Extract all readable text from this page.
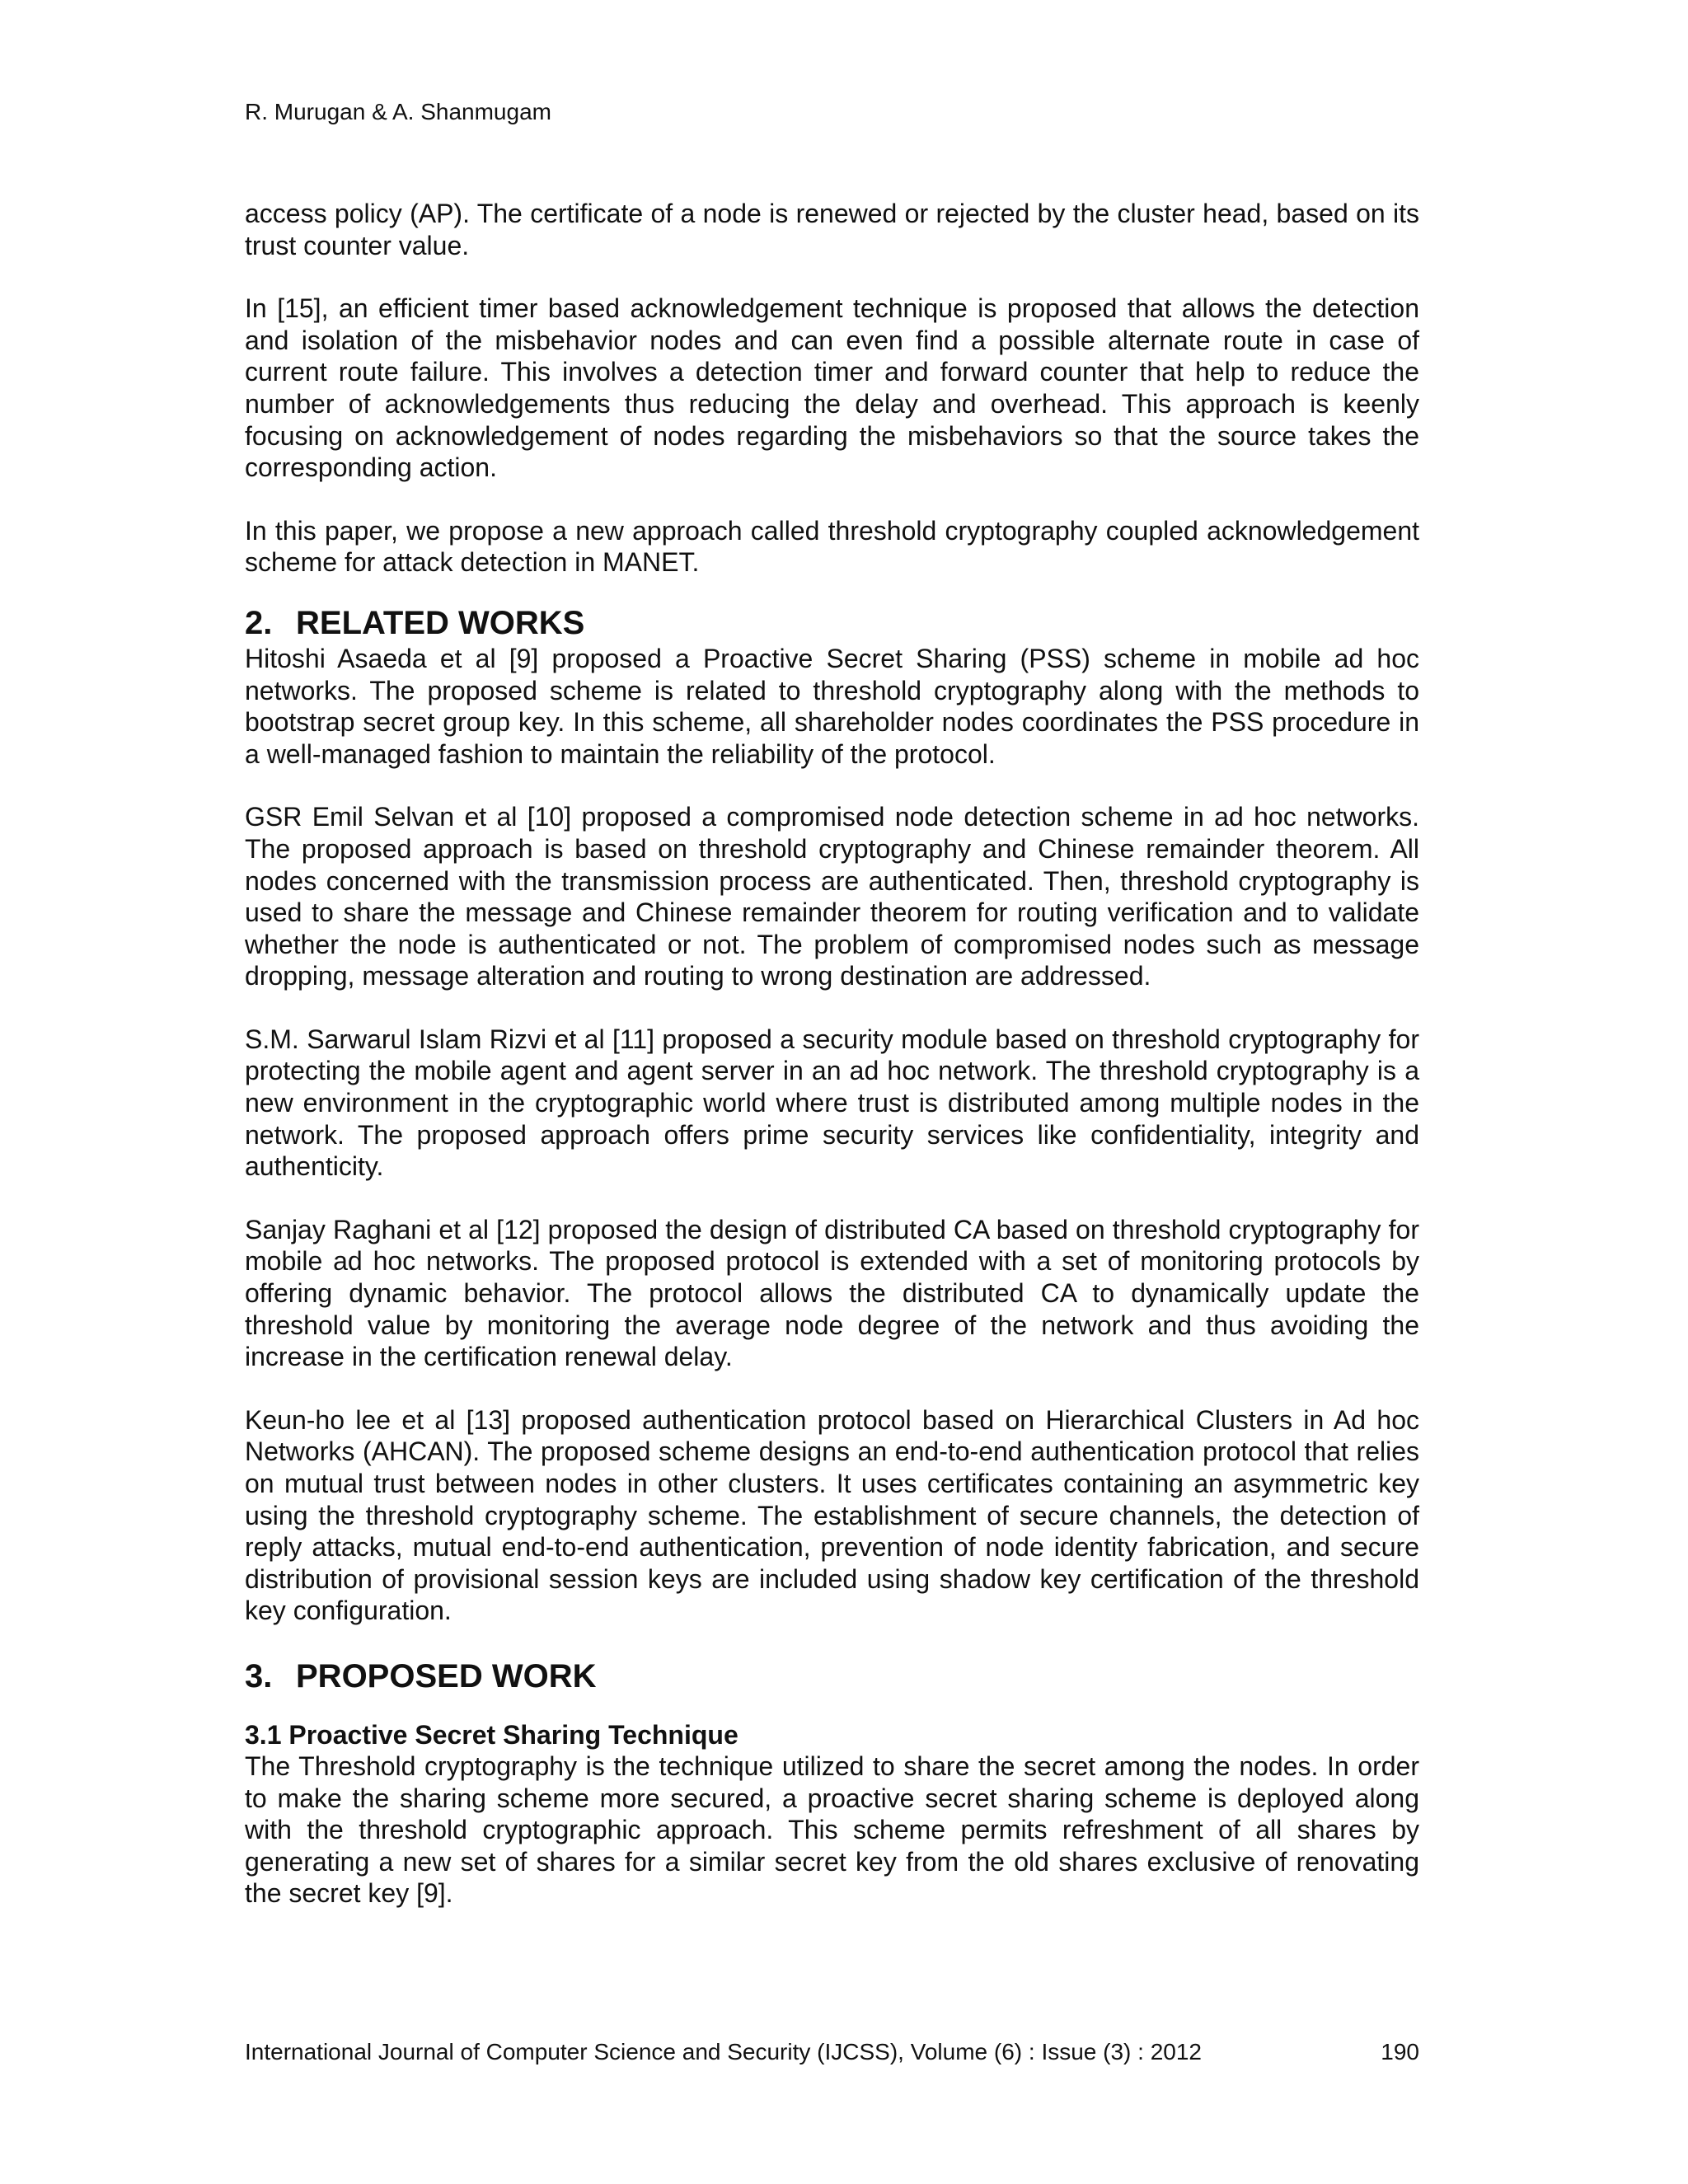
R. Murugan & A. Shanmugam

access policy (AP). The certificate of a node is renewed or rejected by the cluster head, based on its trust counter value.

In [15], an efficient timer based acknowledgement technique is proposed that allows the detection and isolation of the misbehavior nodes and can even find a possible alternate route in case of current route failure. This involves a detection timer and forward counter that help to reduce the number of acknowledgements thus reducing the delay and overhead. This approach is keenly focusing on acknowledgement of nodes regarding the misbehaviors so that the source takes the corresponding action.

In this paper, we propose a new approach called threshold cryptography coupled acknowledgement scheme for attack detection in MANET.

2. RELATED WORKS

Hitoshi Asaeda et al [9] proposed a Proactive Secret Sharing (PSS) scheme in mobile ad hoc networks. The proposed scheme is related to threshold cryptography along with the methods to bootstrap secret group key. In this scheme, all shareholder nodes coordinates the PSS procedure in a well-managed fashion to maintain the reliability of the protocol.

GSR Emil Selvan et al [10] proposed a compromised node detection scheme in ad hoc networks. The proposed approach is based on threshold cryptography and Chinese remainder theorem. All nodes concerned with the transmission process are authenticated. Then, threshold cryptography is used to share the message and Chinese remainder theorem for routing verification and to validate whether the node is authenticated or not. The problem of compromised nodes such as message dropping, message alteration and routing to wrong destination are addressed.

S.M. Sarwarul Islam Rizvi et al [11] proposed a security module based on threshold cryptography for protecting the mobile agent and agent server in an ad hoc network. The threshold cryptography is a new environment in the cryptographic world where trust is distributed among multiple nodes in the network. The proposed approach offers prime security services like confidentiality, integrity and authenticity.

Sanjay Raghani et al [12] proposed the design of distributed CA based on threshold cryptography for mobile ad hoc networks. The proposed protocol is extended with a set of monitoring protocols by offering dynamic behavior. The protocol allows the distributed CA to dynamically update the threshold value by monitoring the average node degree of the network and thus avoiding the increase in the certification renewal delay.

Keun-ho lee et al [13] proposed authentication protocol based on Hierarchical Clusters in Ad hoc Networks (AHCAN). The proposed scheme designs an end-to-end authentication protocol that relies on mutual trust between nodes in other clusters. It uses certificates containing an asymmetric key using the threshold cryptography scheme. The establishment of secure channels, the detection of reply attacks, mutual end-to-end authentication, prevention of node identity fabrication, and secure distribution of provisional session keys are included using shadow key certification of the threshold key configuration.

3. PROPOSED WORK
3.1 Proactive Secret Sharing Technique

The Threshold cryptography is the technique utilized to share the secret among the nodes. In order to make the sharing scheme more secured, a proactive secret sharing scheme is deployed along with the threshold cryptographic approach. This scheme permits refreshment of all shares by generating a new set of shares for a similar secret key from the old shares exclusive of renovating the secret key [9].

International Journal of Computer Science and Security (IJCSS), Volume (6) : Issue (3) : 2012	190
